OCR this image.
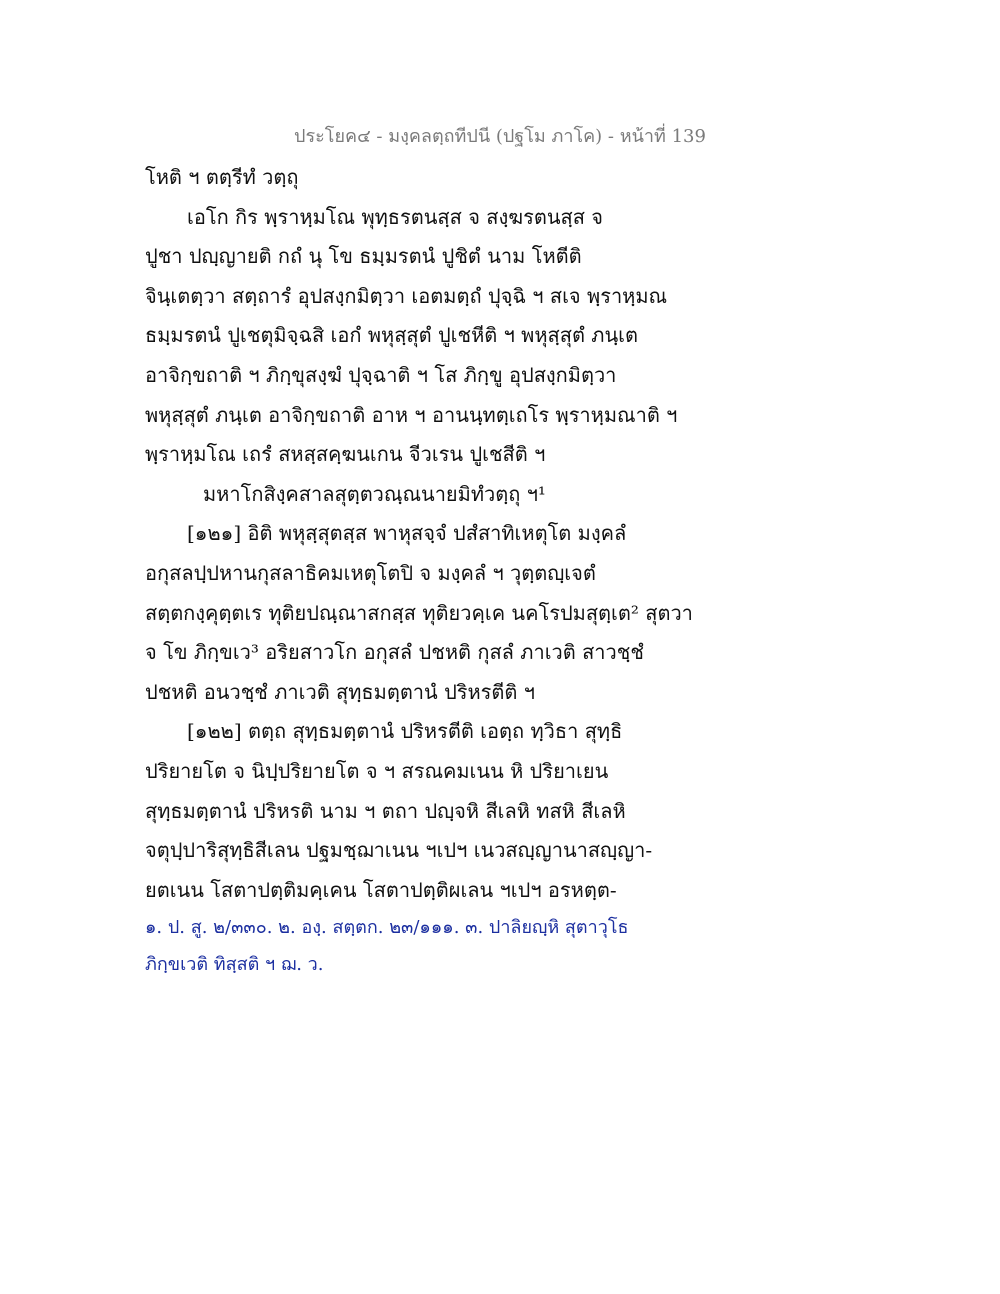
ประโยค๔ - มงฺคลตฺถทีปนี (ปฐโม ภาโค) - หน้าที่ 139
โหติ ฯ ตตฺรีทํ วตฺถุ
เอโก กิร พฺราหฺมโณ พุทฺธรตนสฺส จ สงฺฆรตนสฺส จ
ปูชา ปญฺญายติ กถํ นุ โข ธมฺมรตนํ ปูชิตํ นาม โหตีติ
จินฺเตตฺวา สตฺถารํ อุปสงฺกมิตฺวา เอตมตฺถํ ปุจฺฉิ ฯ สเจ พฺราหฺมณ
ธมฺมรตนํ ปูเชตุมิจฺฉสิ เอกํ พหุสฺสุตํ ปูเชหีติ ฯ พหุสฺสุตํ ภนฺเต
อาจิกฺขถาติ ฯ ภิกฺขุสงฺฆํ ปุจฺฉาติ ฯ โส ภิกฺขู อุปสงฺกมิตฺวา
พหุสฺสุตํ ภนฺเต อาจิกฺขถาติ อาห ฯ อานนฺทตฺเถโร พฺราหฺมณาติ ฯ
พฺราหฺมโณ เถรํ สหสฺสคฺฆนเกน จีวเรน ปูเชสีติ ฯ
มหาโกสิงฺคสาลสุตฺตวณฺณนายมิทํวตฺถุ ฯ¹
[๑๒๑] อิติ พหุสฺสุตสฺส พาหุสจฺจํ ปสํสาทิเหตุโต มงฺคลํ
อกุสลปฺปหานกุสลาธิคมเหตุโตปิ จ มงฺคลํ ฯ วุตฺตญฺเจตํ
สตฺตกงฺคุตฺตเร ทุติยปณฺณาสกสฺส ทุติยวคฺเค นคโรปมสุตฺเต² สุตวา
จ โข ภิกฺขเว³ อริยสาวโก อกุสลํ ปชหติ กุสลํ ภาเวติ สาวชฺชํ
ปชหติ อนวชฺชํ ภาเวติ สุทฺธมตฺตานํ ปริหรตีติ ฯ
[๑๒๒] ตตฺถ สุทฺธมตฺตานํ ปริหรตีติ เอตฺถ ทฺวิธา สุทฺธิ
ปริยายโต จ นิปฺปริยายโต จ ฯ สรณคมเนน หิ ปริยาเยน
สุทฺธมตฺตานํ ปริหรติ นาม ฯ ตถา ปญฺจหิ สีเลหิ ทสหิ สีเลหิ
จตุปฺปาริสุทฺธิสีเลน ปฐมชฺฌาเนน ฯเปฯ เนวสญฺญานาสญฺญา-
ยตเนน โสตาปตฺติมคฺเคน โสตาปตฺติผเลน ฯเปฯ อรหตฺต-
๑. ป. สู. ๒/๓๓๐. ๒. องฺ. สตฺตก. ๒๓/๑๑๑. ๓. ปาลิยญฺหิ สุตาวุโธ
ภิกฺขเวติ ทิสฺสติ ฯ ฌ. ว.
